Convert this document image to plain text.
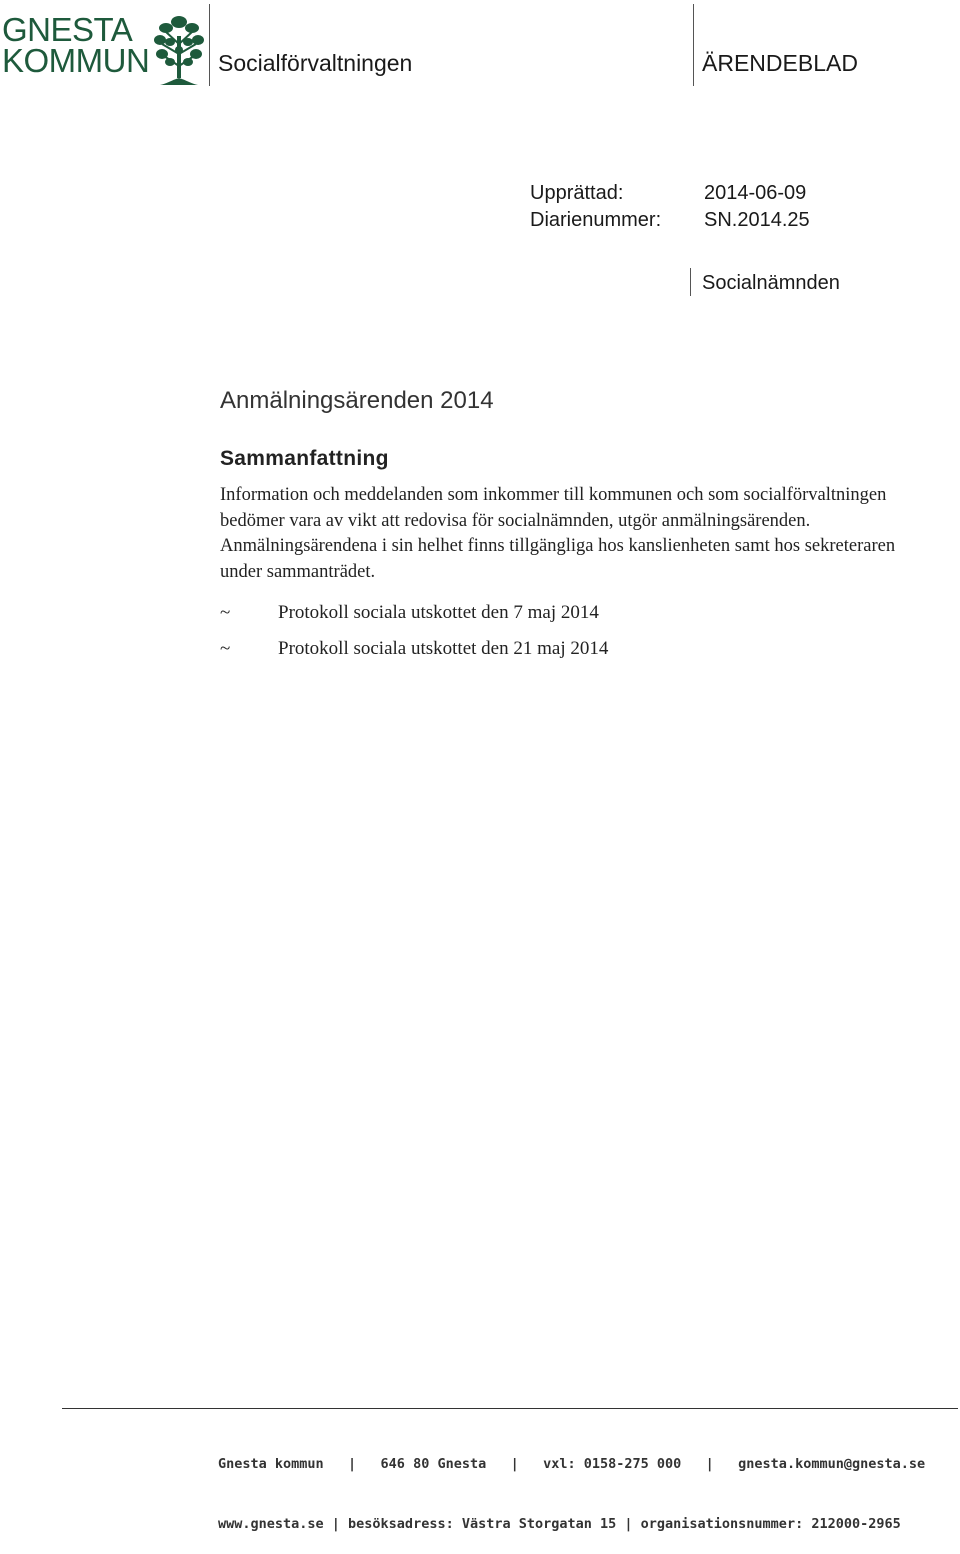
GNESTA
KOMMUN	Socialförvaltningen	ÄRENDEBLAD
Upprättad:	2014-06-09
Diarienummer:	SN.2014.25
Socialnämnden
Anmälningsärenden 2014
Sammanfattning
Information och meddelanden som inkommer till kommunen och som socialförvaltningen bedömer vara av vikt att redovisa för socialnämnden, utgör anmälningsärenden. Anmälningsärendena i sin helhet finns tillgängliga hos kanslienheten samt hos sekreteraren under sammanträdet.
~	Protokoll sociala utskottet den 7 maj 2014
~	Protokoll sociala utskottet den 21 maj 2014

Gnesta kommun   |   646 80 Gnesta   |   vxl: 0158-275 000   |   gnesta.kommun@gnesta.se

www.gnesta.se | besöksadress: Västra Storgatan 15 | organisationsnummer: 212000-2965
